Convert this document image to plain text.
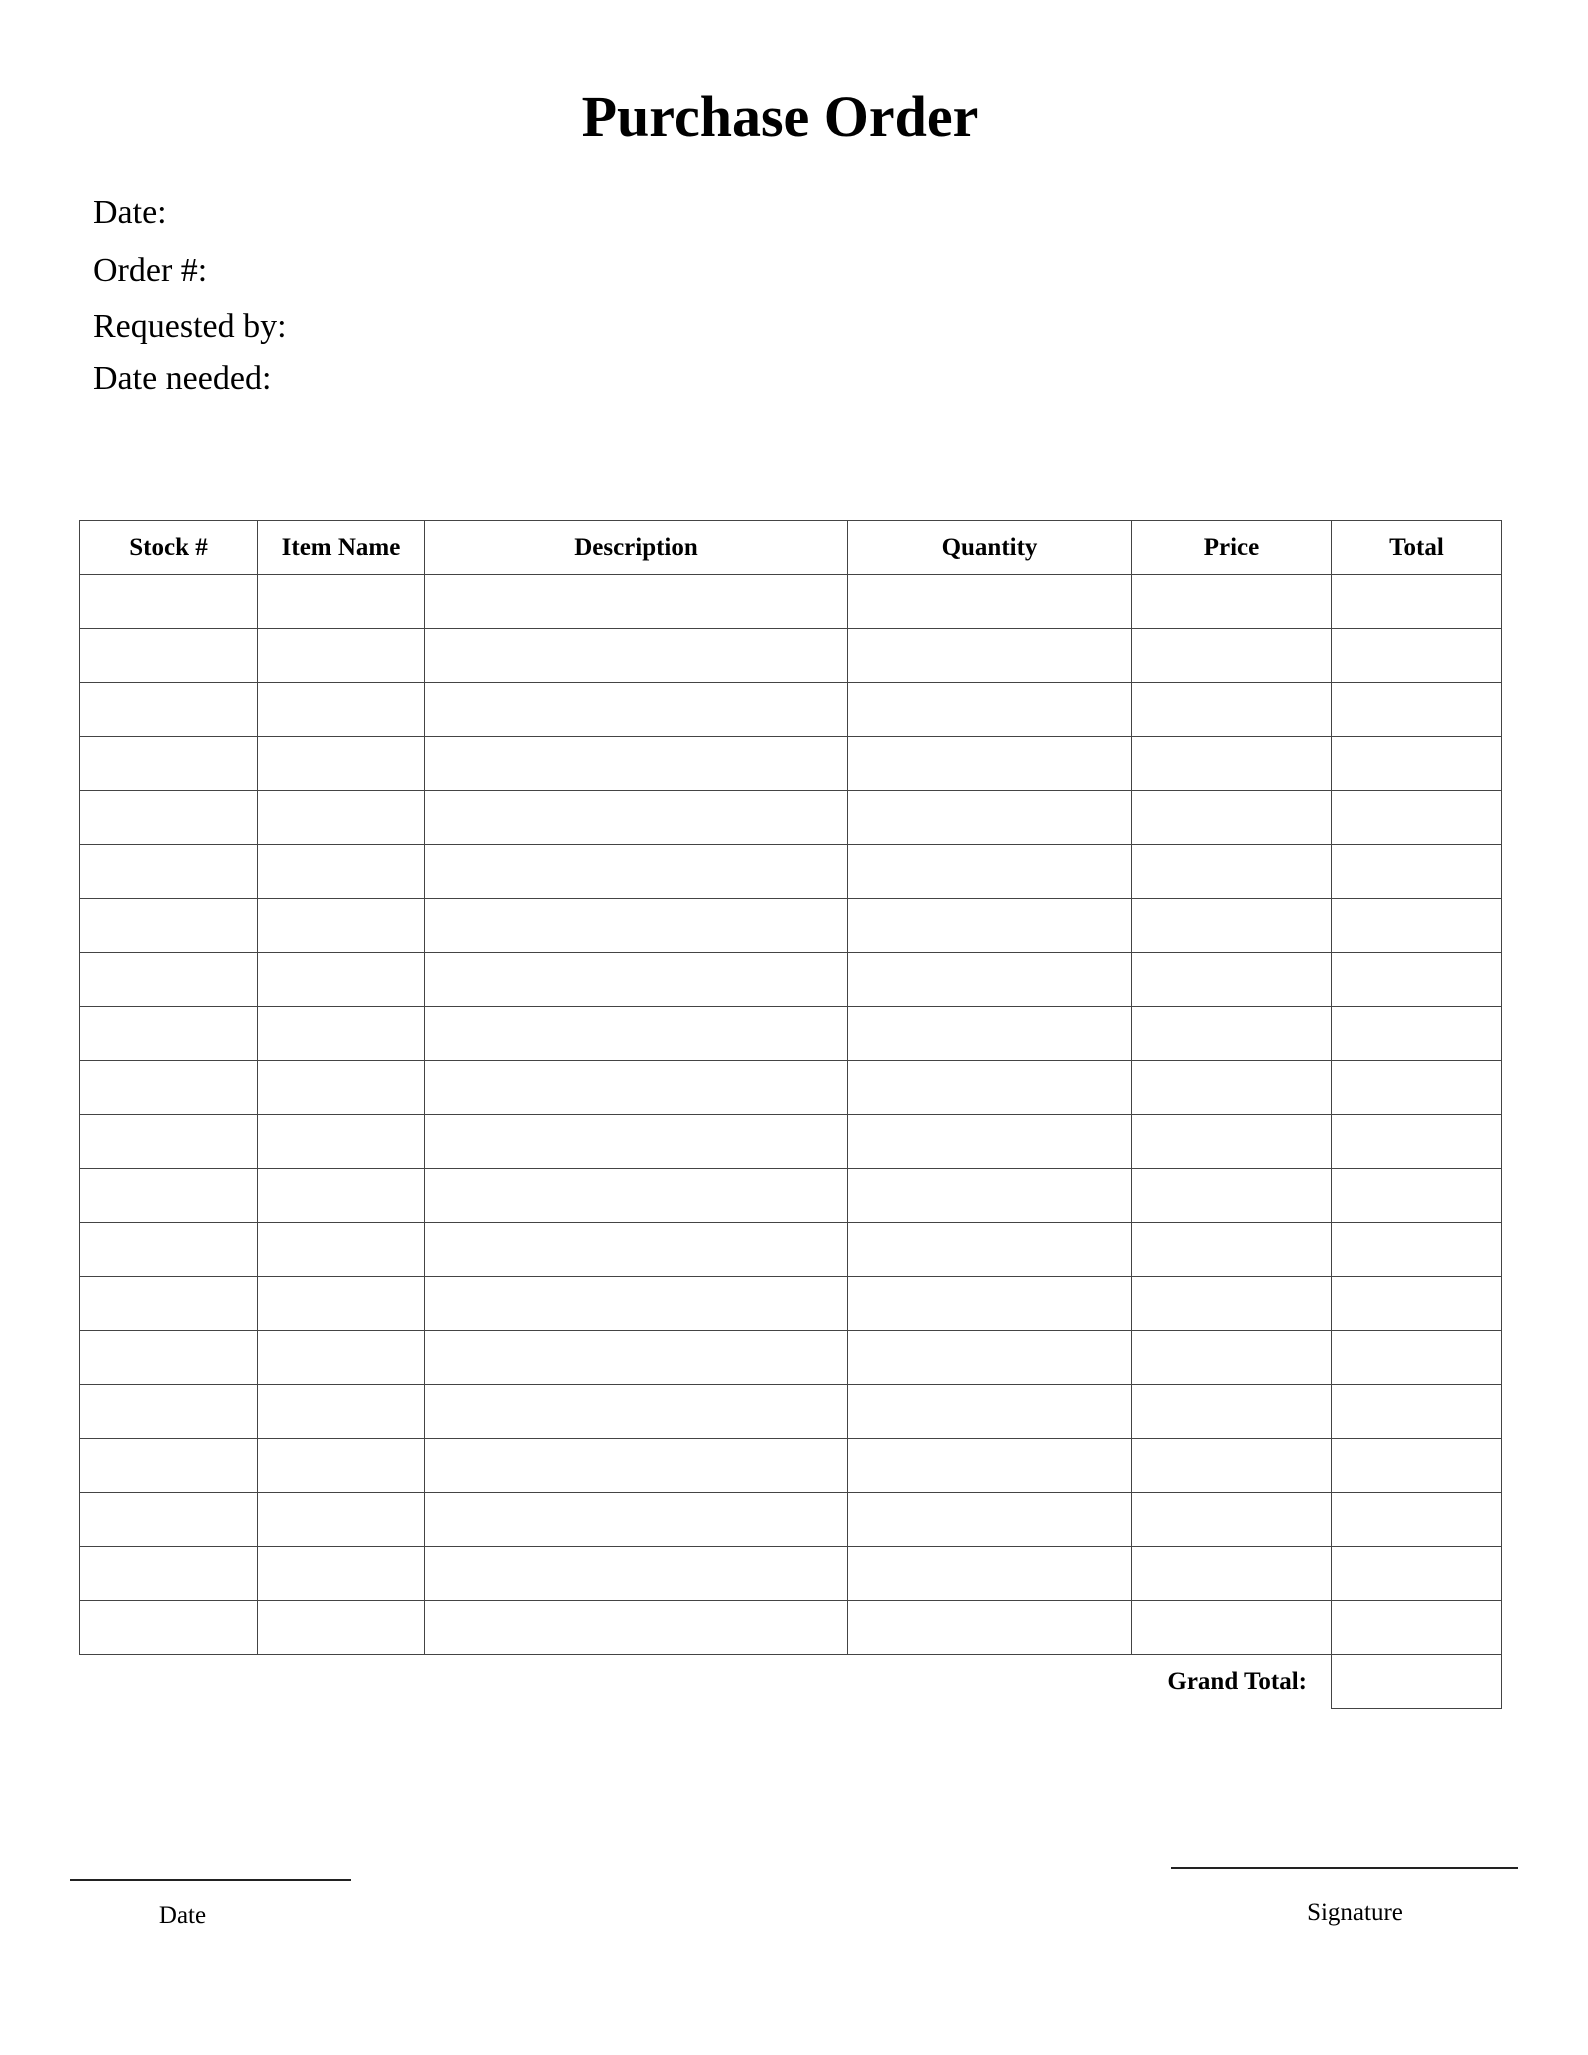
Purchase Order
Date:
Order #:
Requested by:
Date needed:
Stock #	Item Name	Description	Quantity	Price	Total

Grand Total:					
Date	Signature
